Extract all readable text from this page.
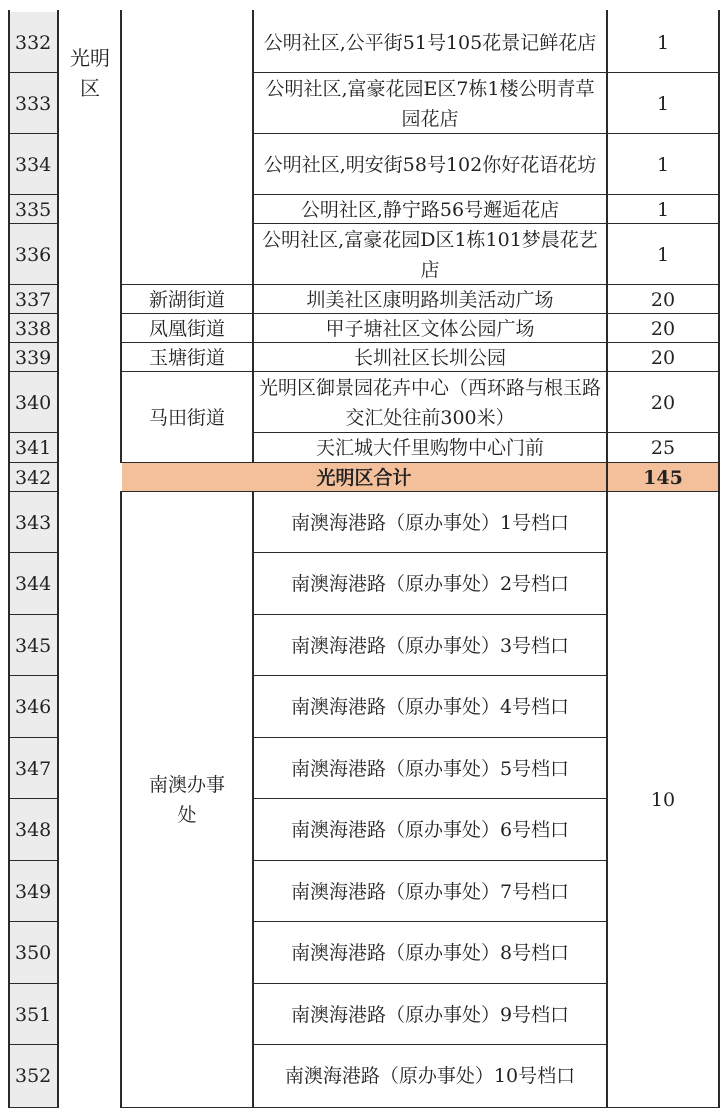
332
333
334
335
336
337
338
339
340
341
342
343
344
345
346
347
348
349
350
351
352
光明区
新湖街道
凤凰街道
玉塘街道
马田街道
南澳办事处
公明社区,公平街51号105花景记鲜花店
公明社区,富豪花园E区7栋1楼公明青草园花店
公明社区,明安街58号102你好花语花坊
公明社区,静宁路56号邂逅花店
公明社区,富豪花园D区1栋101梦晨花艺店
圳美社区康明路圳美活动广场
甲子塘社区文体公园广场
长圳社区长圳公园
光明区御景园花卉中心（西环路与根玉路交汇处往前300米）
天汇城大仟里购物中心门前
南澳海港路（原办事处）1号档口
南澳海港路（原办事处）2号档口
南澳海港路（原办事处）3号档口
南澳海港路（原办事处）4号档口
南澳海港路（原办事处）5号档口
南澳海港路（原办事处）6号档口
南澳海港路（原办事处）7号档口
南澳海港路（原办事处）8号档口
南澳海港路（原办事处）9号档口
南澳海港路（原办事处）10号档口
1
1
1
1
1
20
20
20
20
25
10
光明区合计	145
